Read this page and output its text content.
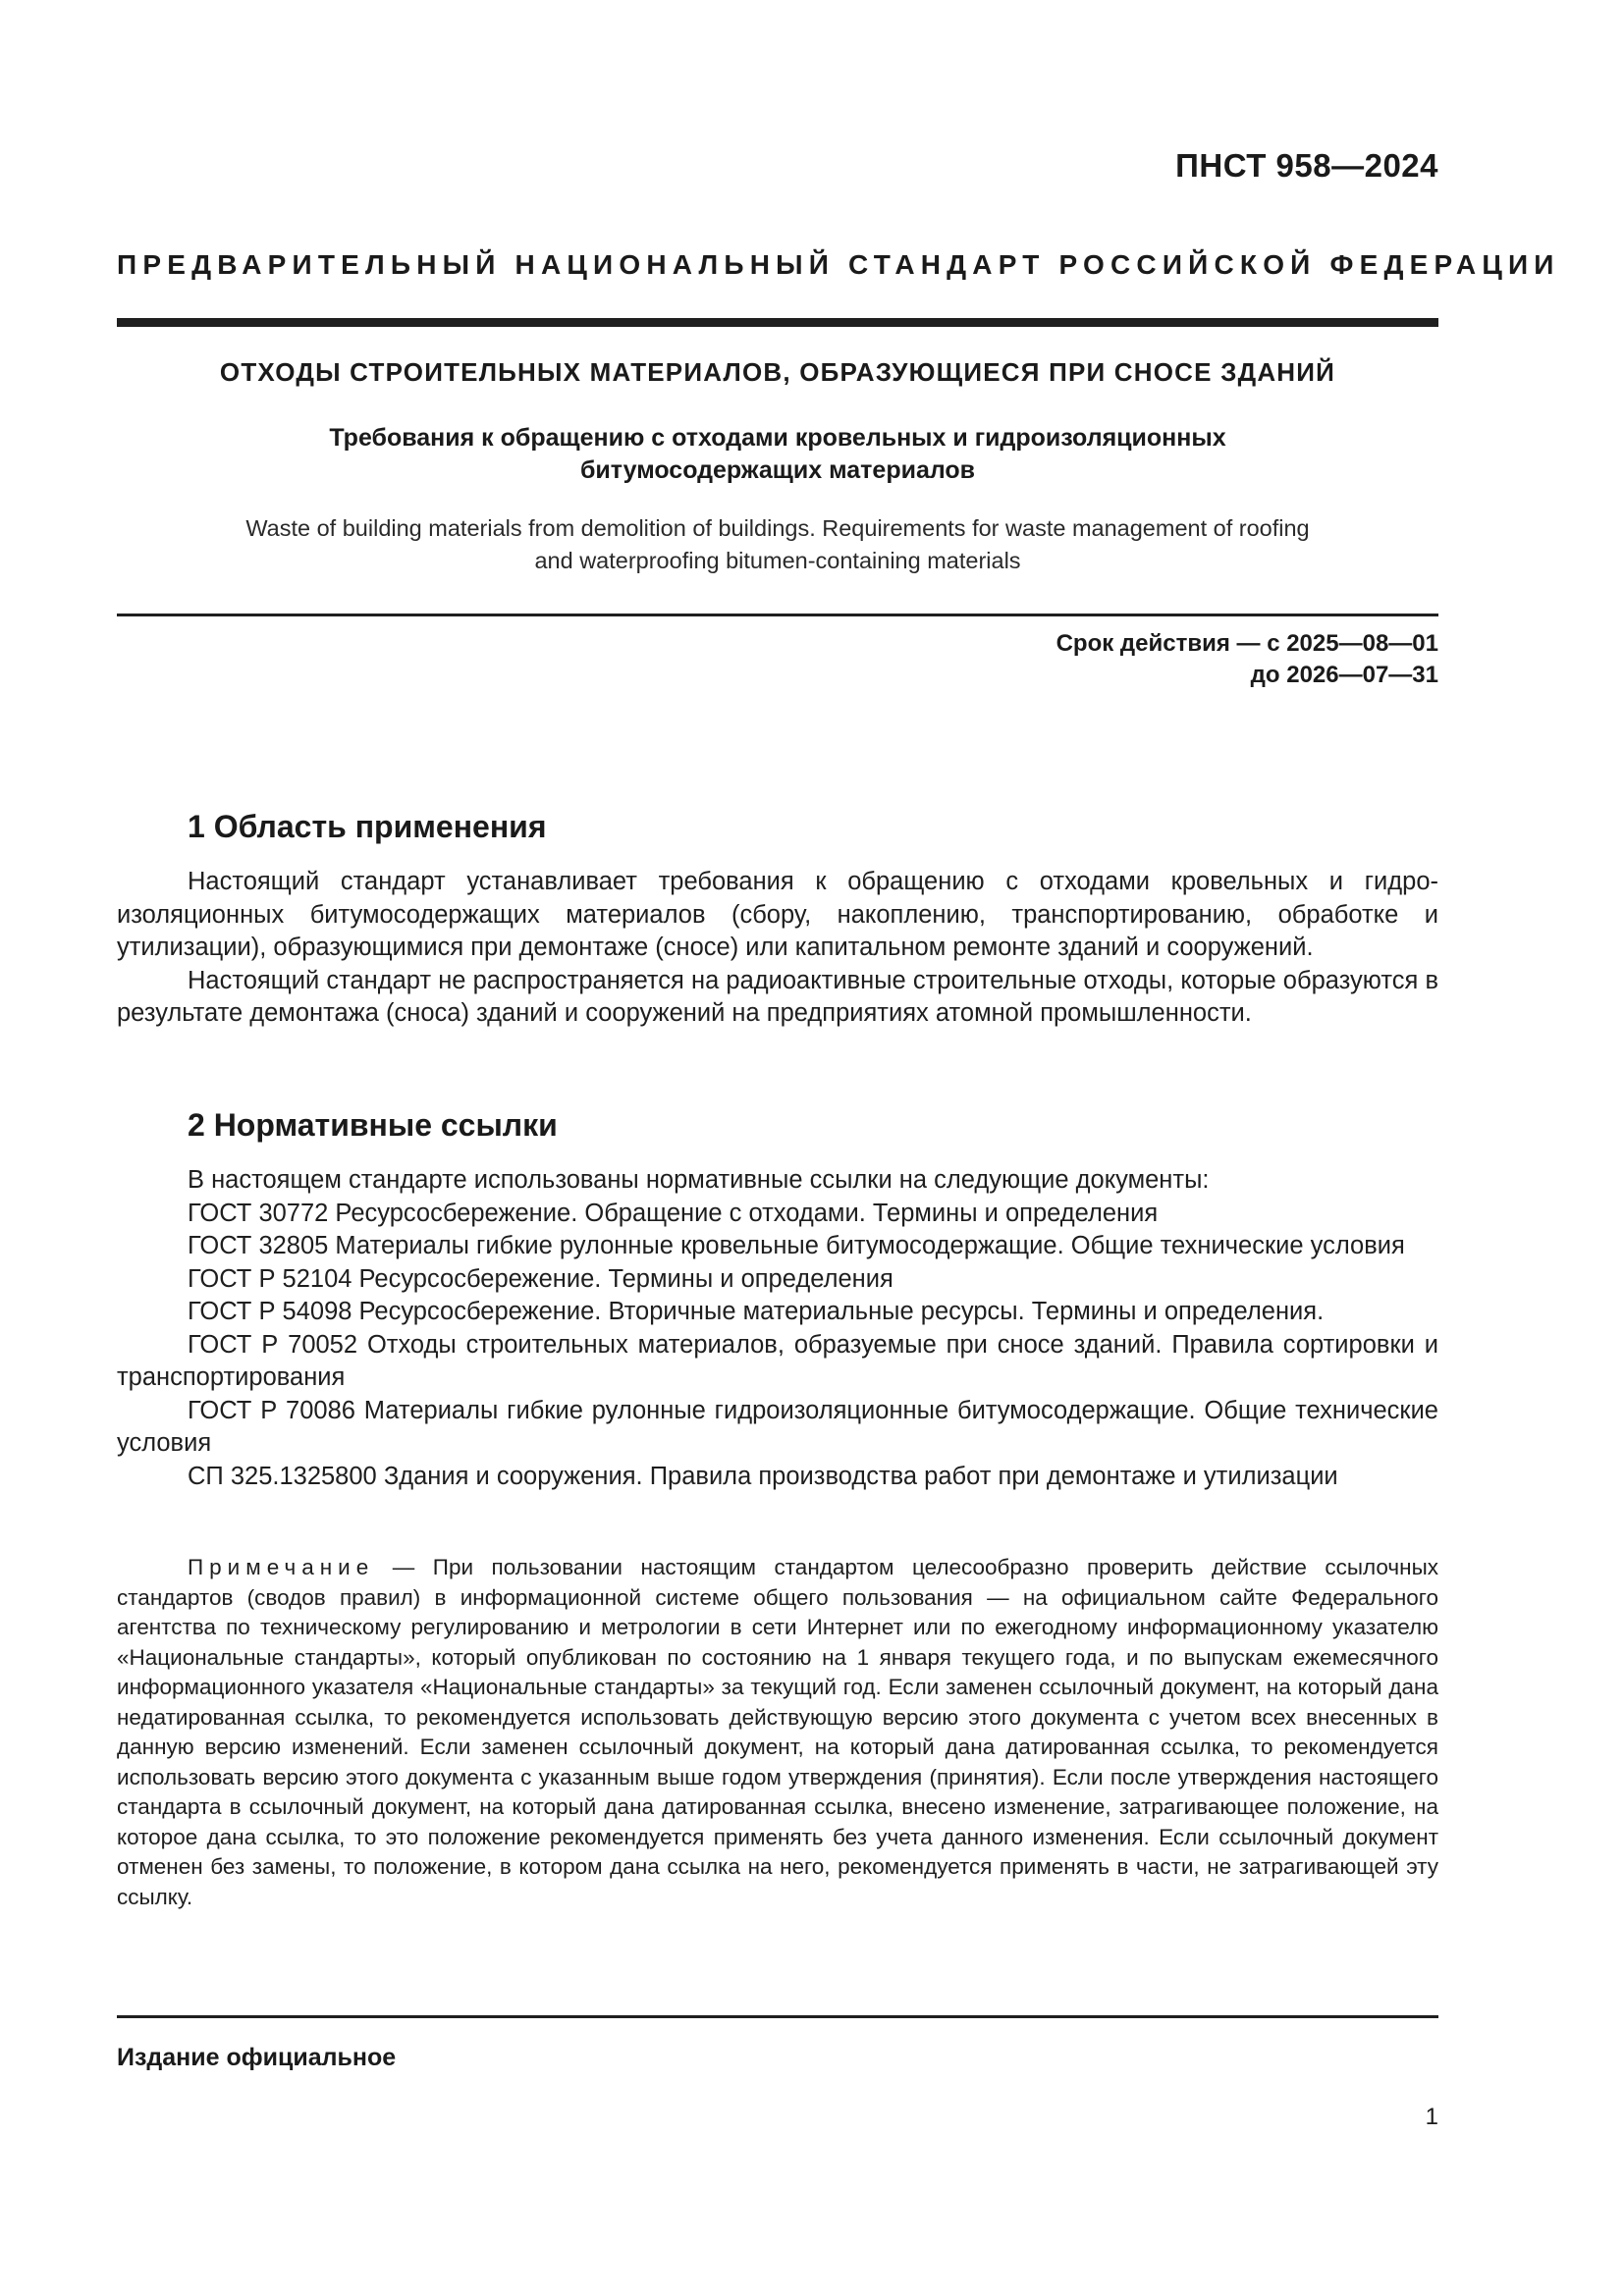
ПНСТ 958—2024
ПРЕДВАРИТЕЛЬНЫЙ НАЦИОНАЛЬНЫЙ СТАНДАРТ РОССИЙСКОЙ ФЕДЕРАЦИИ
ОТХОДЫ СТРОИТЕЛЬНЫХ МАТЕРИАЛОВ, ОБРАЗУЮЩИЕСЯ ПРИ СНОСЕ ЗДАНИЙ
Требования к обращению с отходами кровельных и гидроизоляционных
битумосодержащих материалов
Waste of building materials from demolition of buildings. Requirements for waste management of roofing
and waterproofing bitumen-containing materials
Срок действия — с 2025—08—01
до 2026—07—31
1 Область применения

Настоящий стандарт устанавливает требования к обращению с отходами кровельных и гидроизоляционных битумосодержащих материалов (сбору, накоплению, транспортированию, обработке и утилизации), образующимися при демонтаже (сносе) или капитальном ремонте зданий и сооружений.

Настоящий стандарт не распространяется на радиоактивные строительные отходы, которые образуются в результате демонтажа (сноса) зданий и сооружений на предприятиях атомной промышленности.

2 Нормативные ссылки

В настоящем стандарте использованы нормативные ссылки на следующие документы:

ГОСТ 30772 Ресурсосбережение. Обращение с отходами. Термины и определения

ГОСТ 32805 Материалы гибкие рулонные кровельные битумосодержащие. Общие технические условия

ГОСТ Р 52104 Ресурсосбережение. Термины и определения

ГОСТ Р 54098 Ресурсосбережение. Вторичные материальные ресурсы. Термины и определения.

ГОСТ Р 70052 Отходы строительных материалов, образуемые при сносе зданий. Правила сортировки и транспортирования

ГОСТ Р 70086 Материалы гибкие рулонные гидроизоляционные битумосодержащие. Общие технические условия

СП 325.1325800 Здания и сооружения. Правила производства работ при демонтаже и утилизации

Примечание — При пользовании настоящим стандартом целесообразно проверить действие ссылочных стандартов (сводов правил) в информационной системе общего пользования — на официальном сайте Федерального агентства по техническому регулированию и метрологии в сети Интернет или по ежегодному информационному указателю «Национальные стандарты», который опубликован по состоянию на 1 января текущего года, и по выпускам ежемесячного информационного указателя «Национальные стандарты» за текущий год. Если заменен ссылочный документ, на который дана недатированная ссылка, то рекомендуется использовать действующую версию этого документа с учетом всех внесенных в данную версию изменений. Если заменен ссылочный документ, на который дана датированная ссылка, то рекомендуется использовать версию этого документа с указанным выше годом утверждения (принятия). Если после утверждения настоящего стандарта в ссылочный документ, на который дана датированная ссылка, внесено изменение, затрагивающее положение, на которое дана ссылка, то это положение рекомендуется применять без учета данного изменения. Если ссылочный документ отменен без замены, то положение, в котором дана ссылка на него, рекомендуется применять в части, не затрагивающей эту ссылку.

Издание официальное
1
